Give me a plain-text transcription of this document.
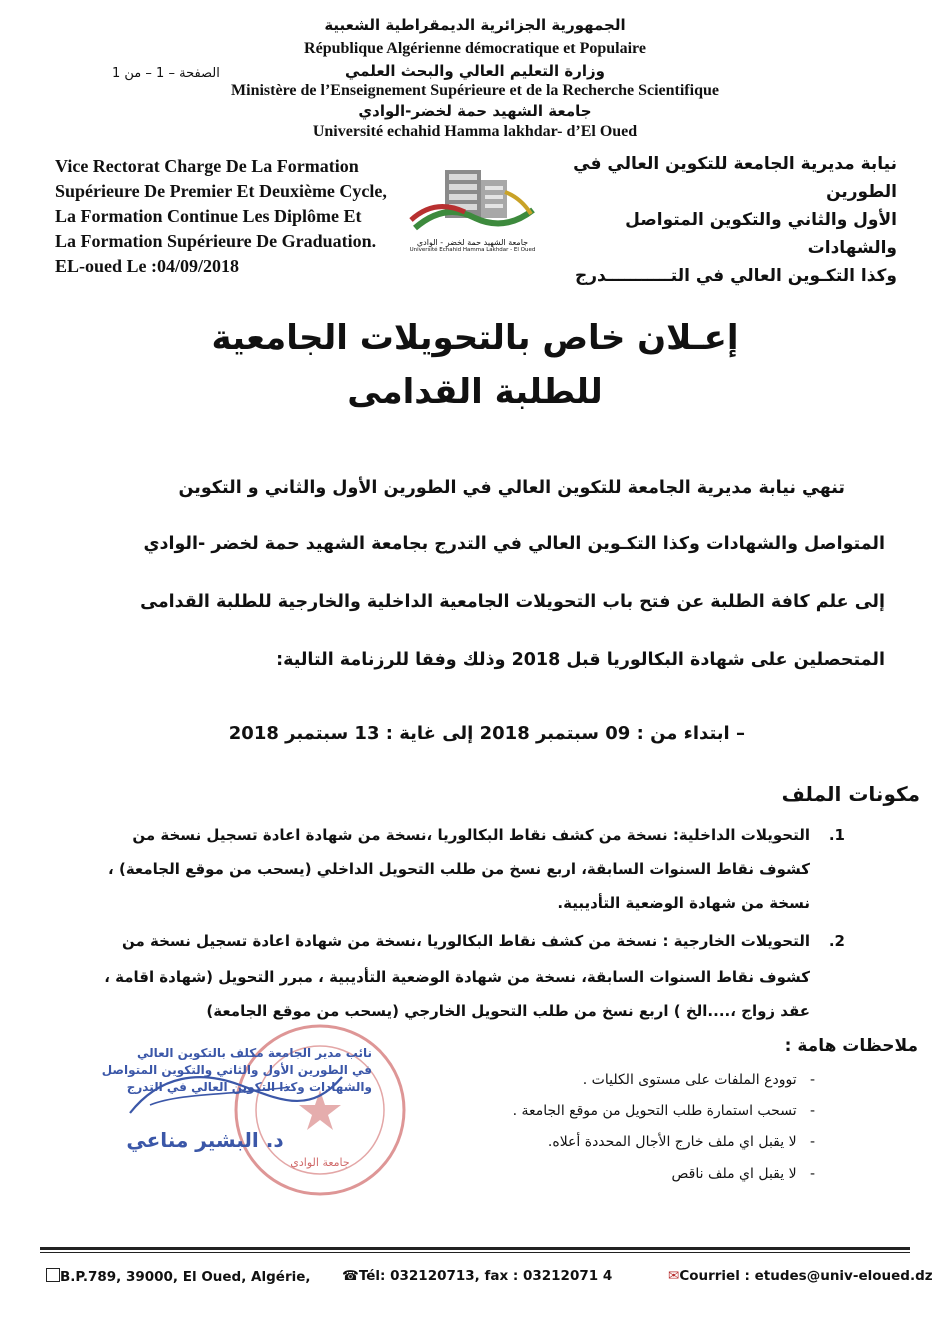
الجمهورية الجزائرية الديمقراطية الشعبية
République Algérienne démocratique et Populaire
وزارة التعليم العالي والبحث العلمي
الصفحة – 1 – من 1
Ministère de l’Enseignement Supérieure et de la Recherche Scientifique
جامعة الشهيد حمة لخضر-الوادي
Université echahid Hamma lakhdar- d’El Oued
Vice Rectorat Charge De La Formation
Supérieure De Premier Et Deuxième Cycle,
La Formation Continue Les Diplôme Et
La Formation Supérieure De Graduation.
EL-oued Le :04/09/2018
جامعة الشهيد حمة لخضر - الوادي
Université Echahid Hamma Lakhdar - El Oued
نيابة مديرية الجامعة للتكوين العالي في الطورين
الأول والثاني والتكوين المتواصل والشهادات
وكذا التكـوين العالي في التـــــــــــدرج
إعـلان خاص بالتحويلات الجامعية
للطلبة القدامى
تنهي نيابة مديرية الجامعة للتكوين العالي في الطورين الأول والثاني و التكوين
المتواصل والشهادات وكذا التكـوين العالي في التدرج بجامعة الشهيد حمة لخضر -الوادي
إلى علم كافة الطلبة عن فتح باب التحويلات الجامعية الداخلية والخارجية للطلبة القدامى
المتحصلين على شهادة البكالوريا قبل 2018 وذلك وفقا للرزنامة التالية:
– ابتداء من : 09 سبتمبر 2018 إلى غاية : 13 سبتمبر 2018
مكونات الملف
التحويلات الداخلية: نسخة من كشف نقاط البكالوريا ،نسخة من شهادة اعادة تسجيل نسخة من	.1
كشوف نقاط السنوات السابقة، اربع نسخ من طلب التحويل الداخلي (يسحب من موقع الجامعة) ،
نسخة من شهادة الوضعية التأديبية.
التحويلات الخارجية : نسخة من كشف نقاط البكالوريا ،نسخة من شهادة اعادة تسجيل نسخة من	.2
كشوف نقاط السنوات السابقة، نسخة من شهادة الوضعية التأديبية ، مبرر التحويل (شهادة اقامة ،
عقد زواج ،....الخ ) اربع نسخ من طلب التحويل الخارجي (يسحب من موقع الجامعة)
جامعة الوادي
نائب مدير الجامعة مكلف بالتكوين العالي
في الطورين الأول والثاني والتكوين المتواصل
والشهادات وكذا التكوين العالي في التدرج
د. البشير مناعي
ملاحظات هامة :
-   توودع الملفات على مستوى الكليات .
-   تسحب استمارة طلب التحويل من موقع الجامعة .
-   لا يقبل اي ملف خارج الأجال المحددة أعلاه.
-   لا يقبل اي ملف ناقص
B.P.789, 39000, El Oued, Algérie, ☎Tél: 032120713, fax : 03212071 4	✉Courriel : etudes@univ-eloued.dz
